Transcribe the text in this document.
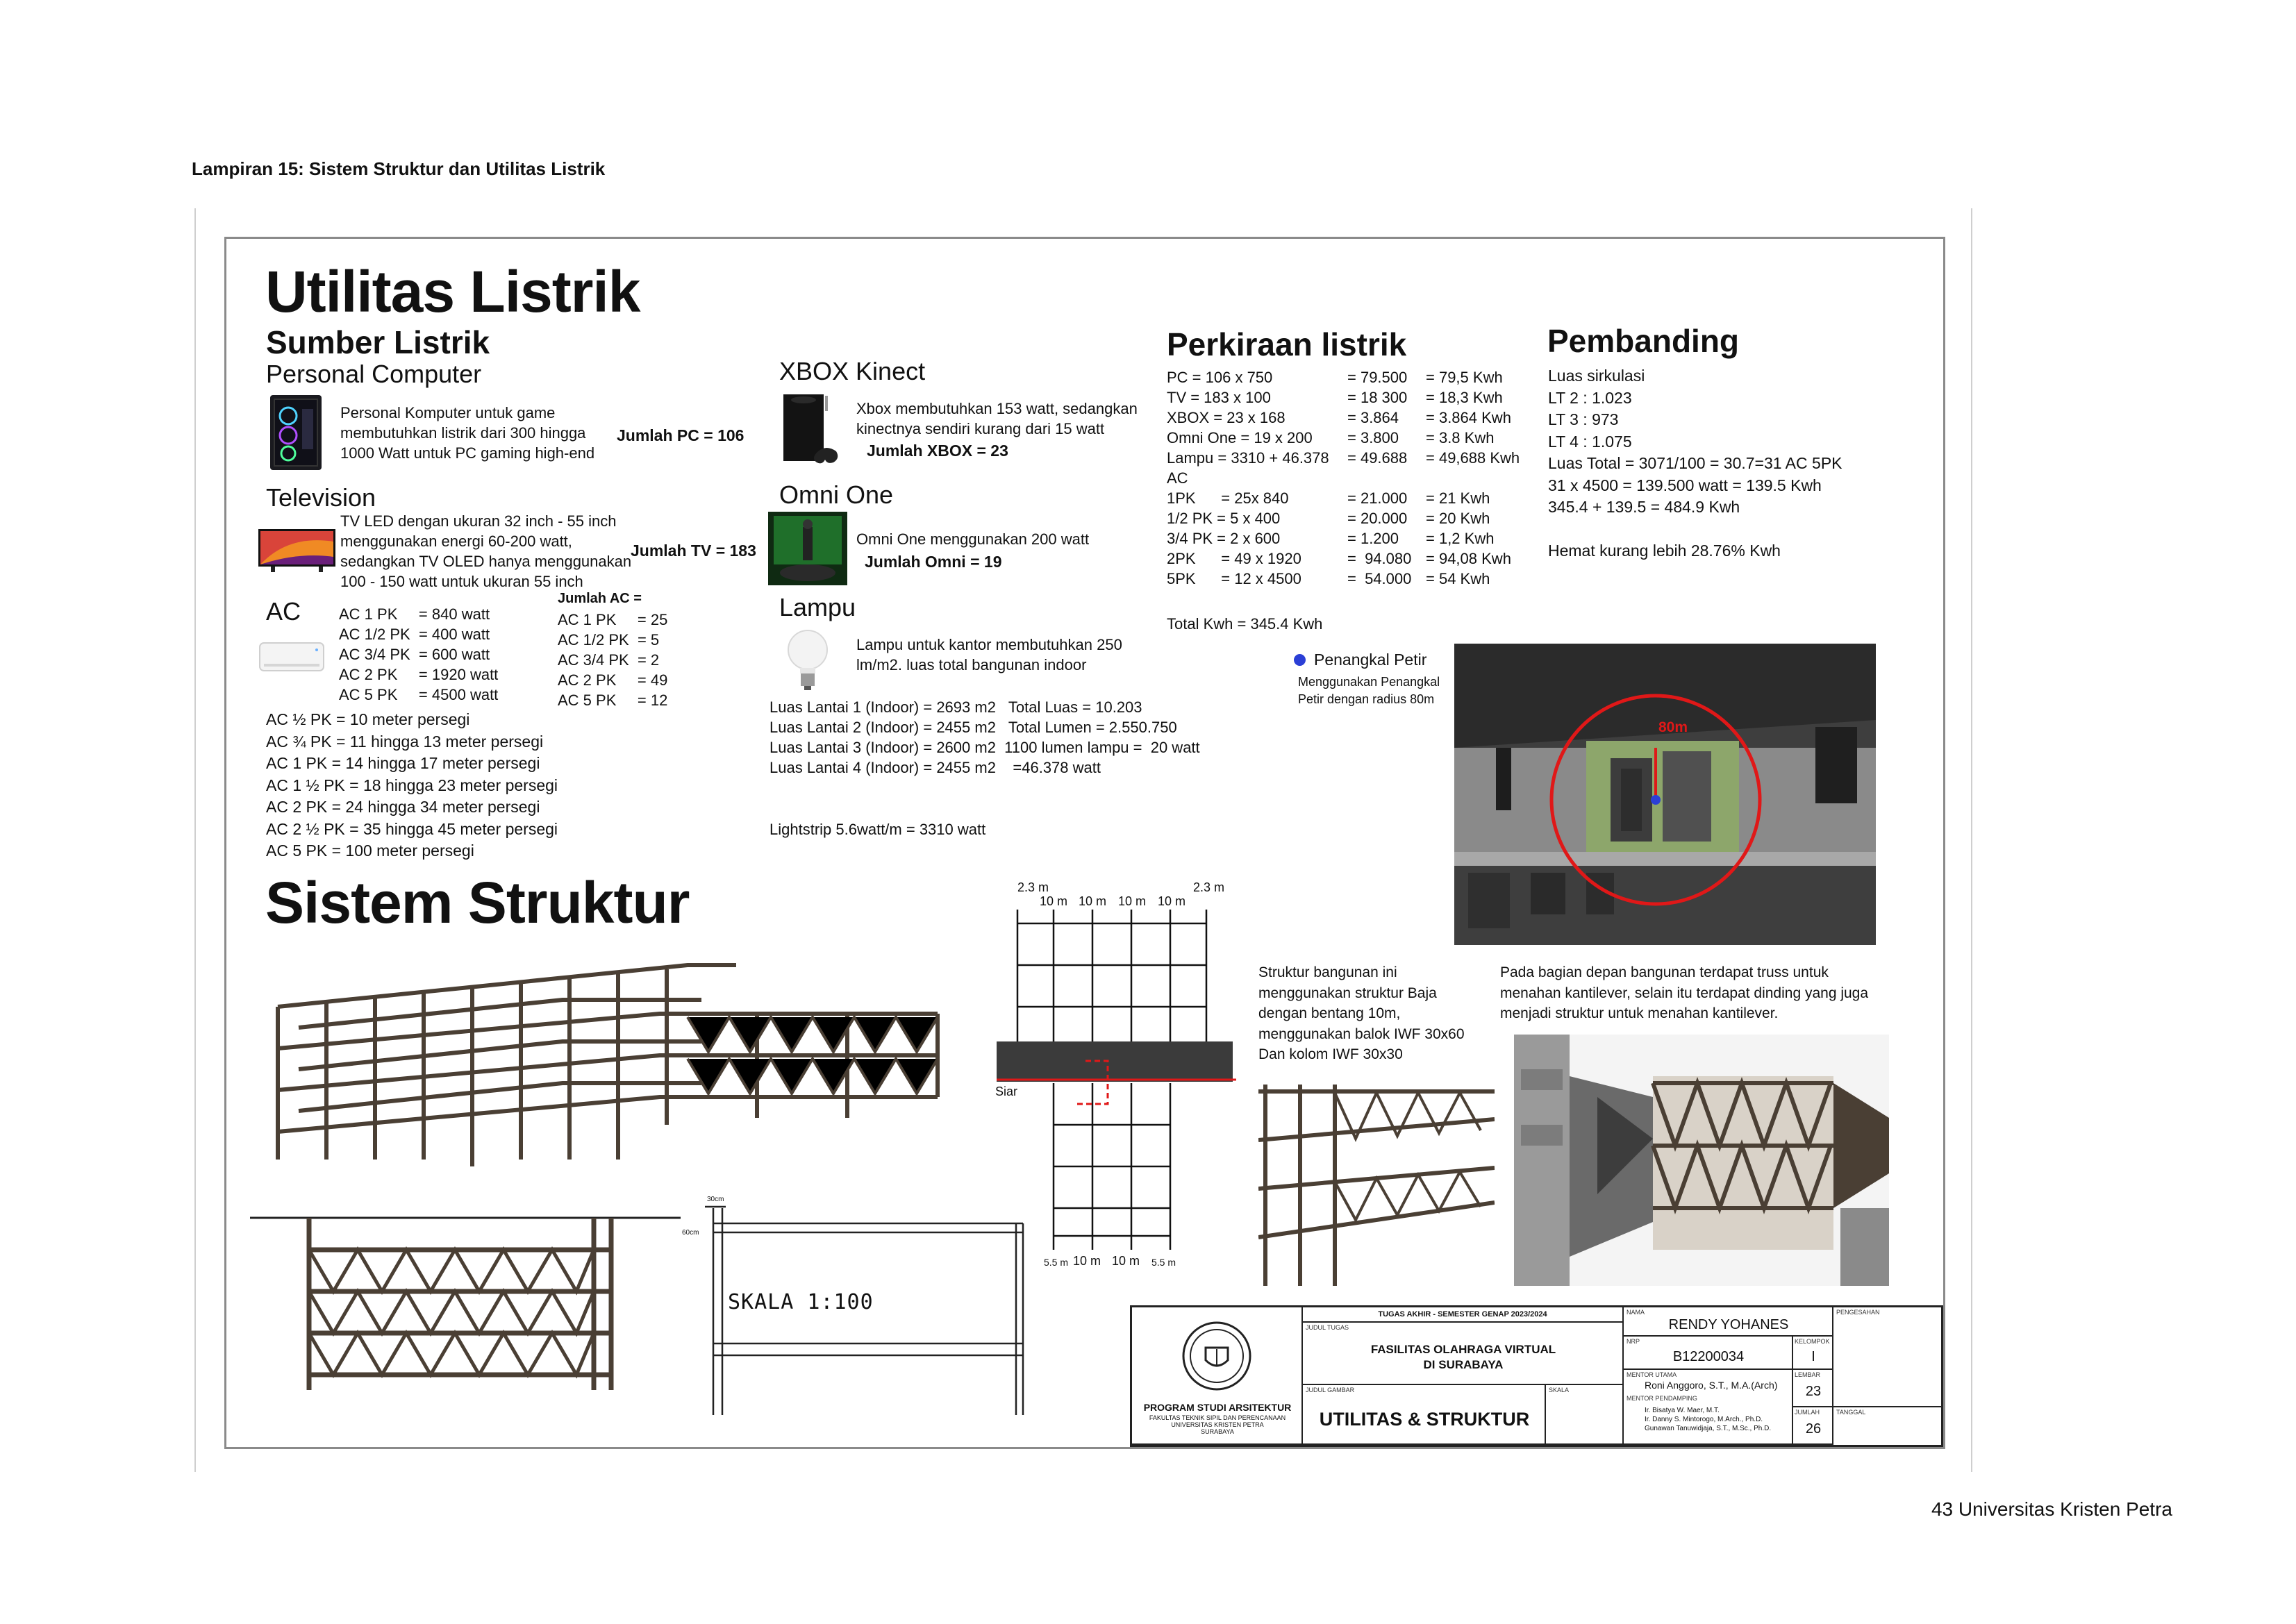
Lampiran 15: Sistem Struktur dan Utilitas Listrik
Utilitas Listrik
Sumber Listrik
Personal Computer
Personal Komputer untuk game
membutuhkan listrik dari 300 hingga
1000 Watt untuk PC gaming high-end
Jumlah PC = 106
Television
TV LED dengan ukuran 32 inch - 55 inch
menggunakan energi 60-200 watt,
sedangkan TV OLED hanya menggunakan
100 - 150 watt untuk ukuran 55 inch
Jumlah TV = 183
AC AC 1 PK     = 840 watt
AC 1/2 PK  = 400 watt
AC 3/4 PK  = 600 watt
AC 2 PK     = 1920 watt
AC 5 PK     = 4500 watt
Jumlah AC =
AC 1 PK     = 25
AC 1/2 PK  = 5
AC 3/4 PK  = 2
AC 2 PK     = 49
AC 5 PK     = 12
AC ½ PK = 10 meter persegi
AC ¾ PK = 11 hingga 13 meter persegi
AC 1 PK = 14 hingga 17 meter persegi
AC 1 ½ PK = 18 hingga 23 meter persegi
AC 2 PK = 24 hingga 34 meter persegi
AC 2 ½ PK = 35 hingga 45 meter persegi
AC 5 PK = 100 meter persegi
XBOX Kinect
Xbox membutuhkan 153 watt, sedangkan
kinectnya sendiri kurang dari 15 watt
Jumlah XBOX = 23
Omni One
Omni One menggunakan 200 watt
Jumlah Omni = 19
Lampu
Lampu untuk kantor membutuhkan 250
lm/m2. luas total bangunan indoor
Luas Lantai 1 (Indoor) = 2693 m2   Total Luas = 10.203
Luas Lantai 2 (Indoor) = 2455 m2   Total Lumen = 2.550.750
Luas Lantai 3 (Indoor) = 2600 m2  1100 lumen lampu =  20 watt
Luas Lantai 4 (Indoor) = 2455 m2    =46.378 watt
Lightstrip 5.6watt/m = 3310 watt
Perkiraan listrik
PC = 106 x 750
TV = 183 x 100
XBOX = 23 x 168
Omni One = 19 x 200
Lampu = 3310 + 46.378
AC
1PK      = 25x 840
1/2 PK = 5 x 400
3/4 PK = 2 x 600
2PK      = 49 x 1920
5PK      = 12 x 4500
= 79.500
= 18 300
= 3.864
= 3.800
= 49.688

= 21.000
= 20.000
= 1.200
=  94.080
=  54.000
= 79,5 Kwh
= 18,3 Kwh
= 3.864 Kwh
= 3.8 Kwh
= 49,688 Kwh

= 21 Kwh
= 20 Kwh
= 1,2 Kwh
= 94,08 Kwh
= 54 Kwh
Total Kwh = 345.4 Kwh
Pembanding
Luas sirkulasi
LT 2 : 1.023
LT 3 : 973
LT 4 : 1.075
Luas Total = 3071/100 = 30.7=31 AC 5PK
31 x 4500 = 139.500 watt = 139.5 Kwh
345.4 + 139.5 = 484.9 Kwh

Hemat kurang lebih 28.76% Kwh
Penangkal Petir
Menggunakan Penangkal
Petir dengan radius 80m
80m
Sistem Struktur
30cm
60cm
SKALA 1:100
2.3 m
10 m 10 m 10 m 10 m
2.3 m
Siar
5.5 m 10 m 10 m 5.5 m
Struktur bangunan ini
menggunakan struktur Baja
dengan bentang 10m,
menggunakan balok IWF 30x60
Dan kolom IWF 30x30
Pada bagian depan bangunan terdapat truss untuk
menahan kantilever, selain itu terdapat dinding yang juga
menjadi struktur untuk menahan kantilever.
PROGRAM STUDI ARSITEKTUR
FAKULTAS TEKNIK SIPIL DAN PERENCANAAN
UNIVERSITAS KRISTEN PETRA
SURABAYA
TUGAS AKHIR - SEMESTER GENAP 2023/2024
JUDUL TUGAS
FASILITAS OLAHRAGA VIRTUAL
DI SURABAYA
JUDUL GAMBAR
UTILITAS & STRUKTUR
SKALA
NAMA
RENDY YOHANES
NRP
B12200034
KELOMPOK
I
MENTOR UTAMA
Roni Anggoro, S.T., M.A.(Arch)
MENTOR PENDAMPING
Ir. Bisatya W. Maer, M.T.
Ir. Danny S. Mintorogo, M.Arch., Ph.D.
Gunawan Tanuwidjaja, S.T., M.Sc., Ph.D.
LEMBAR
23
JUMLAH
26
PENGESAHAN
TANGGAL
43 Universitas Kristen Petra
